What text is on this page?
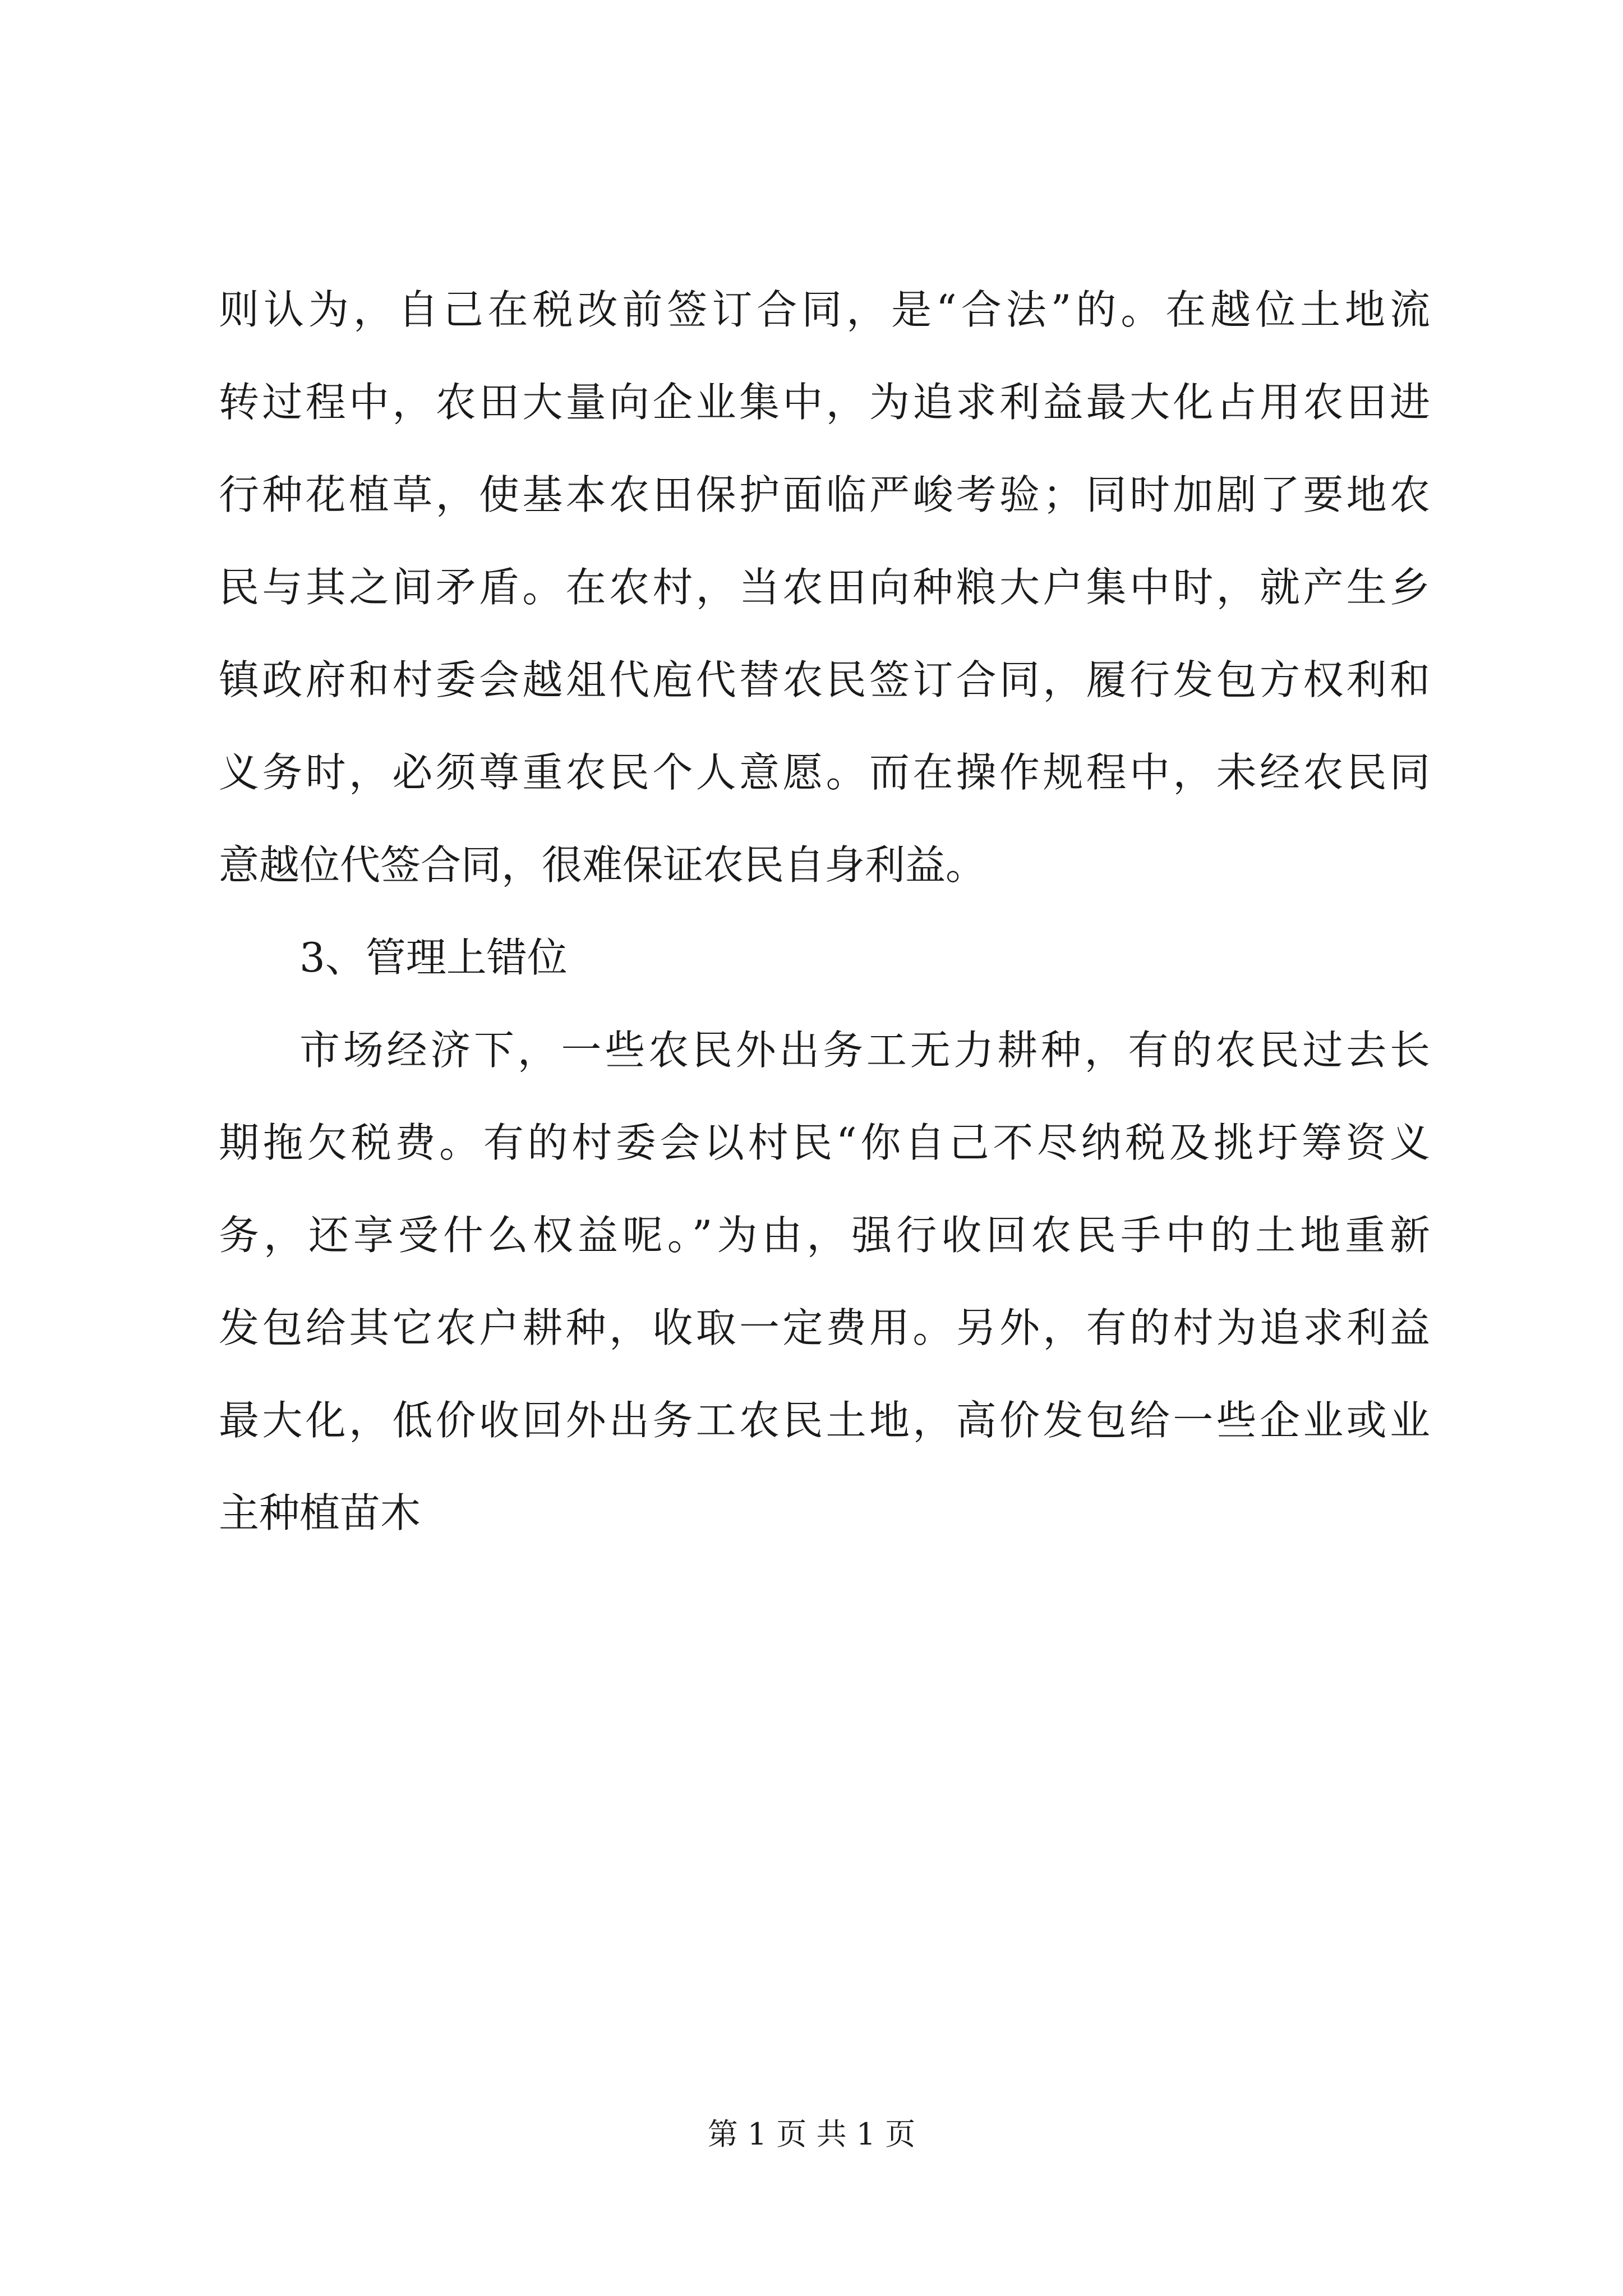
则认为，自己在税改前签订合同，是“合法”的。在越位土地流
转过程中，农田大量向企业集中，为追求利益最大化占用农田进
行种花植草，使基本农田保护面临严峻考验；同时加剧了要地农
民与其之间矛盾。在农村，当农田向种粮大户集中时，就产生乡
镇政府和村委会越俎代庖代替农民签订合同，履行发包方权利和
义务时，必须尊重农民个人意愿。而在操作规程中，未经农民同
意越位代签合同，很难保证农民自身利益。
3、管理上错位
市场经济下，一些农民外出务工无力耕种，有的农民过去长
期拖欠税费。有的村委会以村民“你自己不尽纳税及挑圩筹资义
务，还享受什么权益呢。”为由，强行收回农民手中的土地重新
发包给其它农户耕种，收取一定费用。另外，有的村为追求利益
最大化，低价收回外出务工农民土地，高价发包给一些企业或业
主种植苗木
第 1 页 共 1 页
